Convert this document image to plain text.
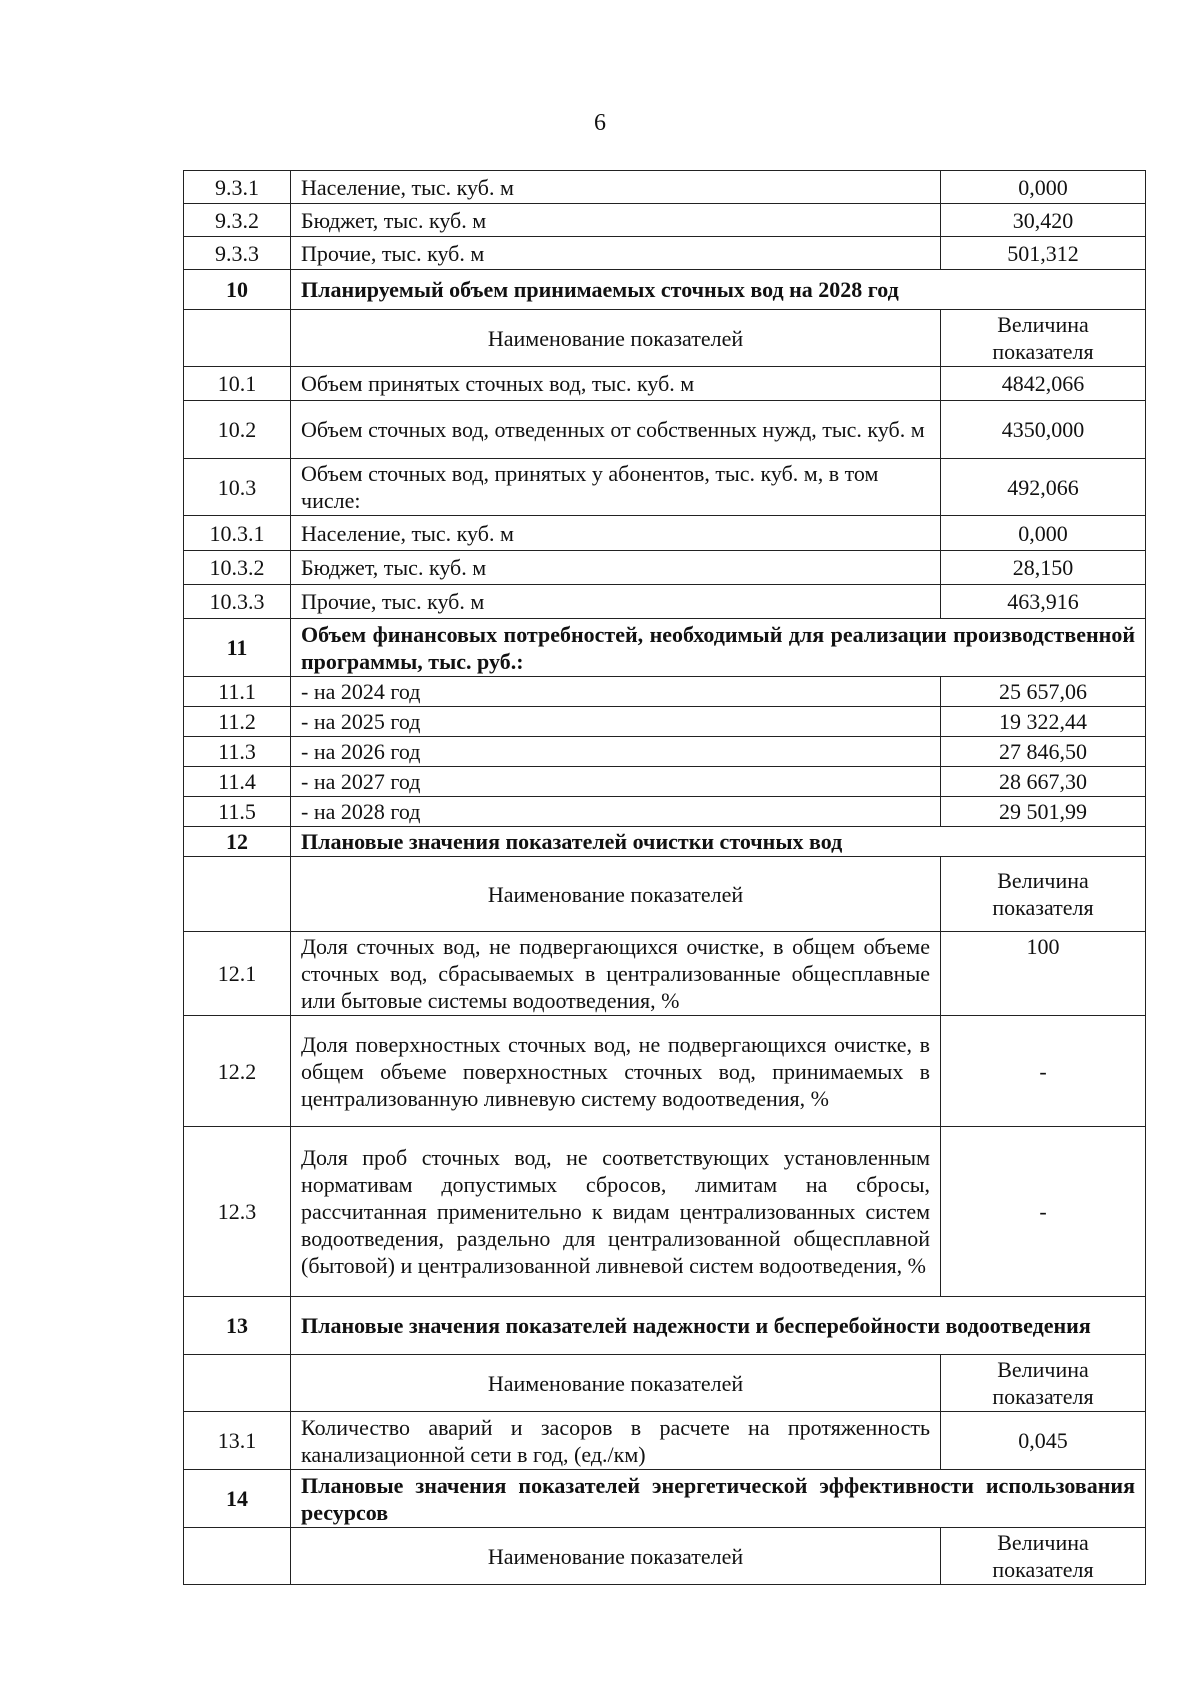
6
9.3.1	Население, тыс. куб. м	0,000
9.3.2	Бюджет, тыс. куб. м	30,420
9.3.3	Прочие, тыс. куб. м	501,312
10	Планируемый объем принимаемых сточных вод на 2028 год	
	Наименование показателей	Величина показателя
10.1	Объем принятых сточных вод, тыс. куб. м	4842,066
10.2	Объем сточных вод, отведенных от собственных нужд, тыс. куб. м	4350,000
10.3	Объем сточных вод, принятых у абонентов, тыс. куб. м, в том числе:	492,066
10.3.1	Население, тыс. куб. м	0,000
10.3.2	Бюджет, тыс. куб. м	28,150
10.3.3	Прочие, тыс. куб. м	463,916
11	Объем финансовых потребностей, необходимый для реализации производственной программы, тыс. руб.:	
11.1	- на 2024 год	25 657,06
11.2	- на 2025 год	19 322,44
11.3	- на 2026 год	27 846,50
11.4	- на 2027 год	28 667,30
11.5	- на 2028 год	29 501,99
12	Плановые значения показателей очистки сточных вод	
	Наименование показателей	Величина показателя
12.1	Доля сточных вод, не подвергающихся очистке, в общем объеме сточных вод, сбрасываемых в централизованные общесплавные или бытовые системы водоотведения, %	100
12.2	Доля поверхностных сточных вод, не подвергающихся очистке, в общем объеме поверхностных сточных вод, принимаемых в централизованную ливневую систему водоотведения, %	-
12.3	Доля проб сточных вод, не соответствующих установленным нормативам допустимых сбросов, лимитам на сбросы, рассчитанная применительно к видам централизованных систем водоотведения, раздельно для централизованной общесплавной (бытовой) и централизованной ливневой систем водоотведения, %	-
13	Плановые значения показателей надежности и бесперебойности водоотведения	
	Наименование показателей	Величина показателя
13.1	Количество аварий и засоров в расчете на протяженность канализационной сети в год, (ед./км)	0,045
14	Плановые значения показателей энергетической эффективности использования ресурсов	
	Наименование показателей	Величина показателя
